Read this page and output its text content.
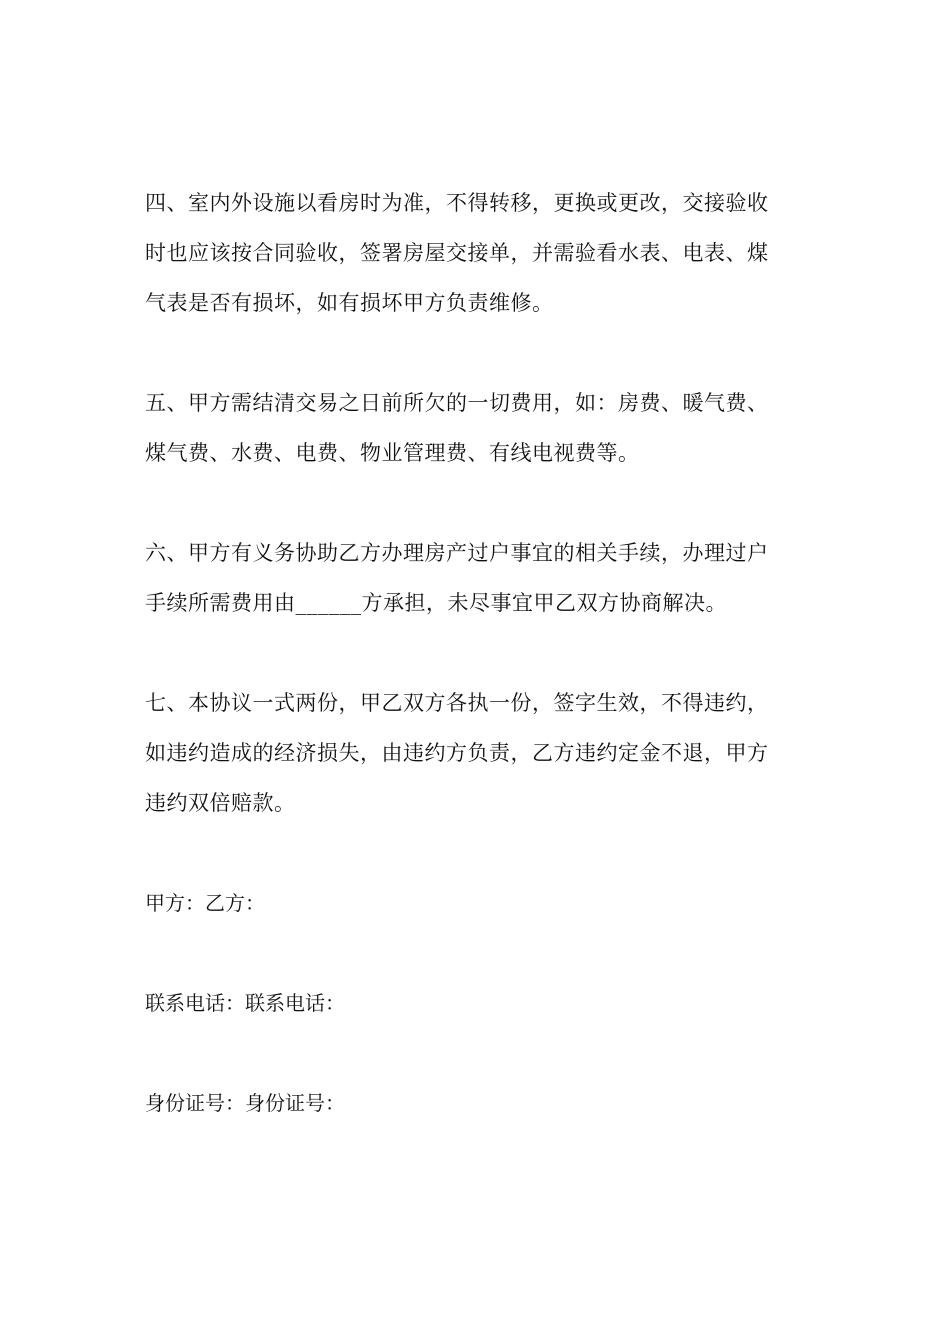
四、室内外设施以看房时为准，不得转移，更换或更改，交接验收
时也应该按合同验收，签署房屋交接单，并需验看水表、电表、煤
气表是否有损坏，如有损坏甲方负责维修。

五、甲方需结清交易之日前所欠的一切费用，如：房费、暖气费、
煤气费、水费、电费、物业管理费、有线电视费等。

六、甲方有义务协助乙方办理房产过户事宜的相关手续，办理过户
手续所需费用由______方承担，未尽事宜甲乙双方协商解决。

七、本协议一式两份，甲乙双方各执一份，签字生效，不得违约，
如违约造成的经济损失，由违约方负责，乙方违约定金不退，甲方
违约双倍赔款。

甲方：乙方：

联系电话：联系电话：

身份证号：身份证号：
